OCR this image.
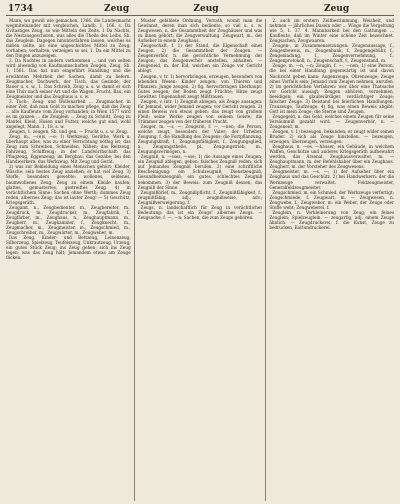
1734	Zeug	Zeug	Zeug

Mann, wo gewiß wie gemachen, 1366. die Landesmacht wegmiteinander mit vergleichen, Landb. 1, 166. s. Da Gvitastiges Zeug, so wie Mitteln des Zeits. 1 Da Nachts, die Nestausgeschoren, was alles die Theile des Leibs, Sb. das Zeuglein. Dagegen hinunterfahren lassen, welches es mißen sollte, als eine ungeschicktes Mittel zu Zeug; vorhaben; verhalten, verzeigen so sei, 1. Da ein Mittel zu den Dingen anzuzeigen.

2. Da Nachtes in andern vorkommen ... und von selten wird alwendig von Kaufmannschaften Zeugen, Zeug, Sb. 1, 1561. Das hat nun eingeführt Handlung und die erwähnten Mehrheit der Sachen, damit zu liefern. Zeugmacher, Dachwerk, der Tisch, das Gesinde, der Bauer u. s. w., 1. Das Schreib, Zeug u. s. w. damit er sich eine Thür nach seiner Art und die Wagen, Frucht, Bau, ein Zeugmeister und das Zeughaus u. s. w.

3. Tuch-, Zeug- und Wollenarbeit ... Zeugmacher, in einer Zeit, daß man Gold zu machen pflege, daß das Zeug ... alle Kaufleute vom Zeug vorhanden; in Wien 1577 wird es im ganzen ... die Zeuglein ... Zeug zu Schnitt, Zeug zu Mantel, Kleid, Hosen und Futter, welche gut sind, wohl angelegt, Mann. 1. 18, s. w.

Zeugen, 1. zeugen, Sb. und gen. — Frucht u. s. w. Zeug.

Zeug, m., —(e)s, —e; 1) Werkzeug, Geräthe, Werk u. überhaupt alles, was zu einer Verrichtung nöthig ist; das Zeug zum Schreiben, Schneiden, Nähen; das Reitzeug, Fahrzeug, Schiffzeug; in der Landwirthschaft: das Pflugzeug, Eggenzeug; im Bergbau: das Gezähe; bei den Handwerkern: das Werkzeug. Mit Zeug und Gerät.

2) was zur Bekleidung eines Menschen gehört; Kleider, Wäsche; sein bestes Zeug anziehen; er hat viel Zeug. 3) Stoffe, besonders gewebte: wollenes, seidenes, baumwollenes Zeug; Zeug zu einem Kleide kaufen; glattes, gemustertes, gestreiftes Zeug. 4) in verächtlichem Sinne: Sachen ohne Werth; dummes Zeug reden, albernes Zeug; das ist lauter Zeug! — 5) Geschütz, Kriegsgeräth.

Zeugamt, n., Zeugbedienter, m., Zeugbereiter, m., Zeugdruck, m., Zeugdrucker, m., Zeugfabrik, f., Zeugfärber, m., Zeughaus, n., Zeughauptmann, m., Zeugherr, m., Zeugkammer, f., Zeugknecht, m., Zeugmacher, m., Zeugmeister, m., Zeugschmied, m., Zeugschreiber, m., Zeugwärter, m., Zeugweber, m.

Das Zeug, Kinder- und Bettzeug, Leinenzeug, Silberzeug, Spielzeug, Teufelszeug, Unkrautzeug, Urzeug; ein gutes Stück Zeug; ins Zeug gehen; sich ins Zeug legen; was das Zeug hält; Jemandem etwas am Zeuge flicken.

Muster gebildete Ordnung, Vorrath, womit man die Gewinnst, deren man sich bediente, so viel u. s. w. Zeugwesen, n. die Gesammtheit der Zeughäuser und was zu ihnen gehört; die Zeugverwaltung. Zeugwart, m., der Aufseher in einem Zeughaus.

Zeugeschaft, f. 1) der Stand, die Eigenschaft eines Zeugen. 2) die Gesammtheit der Zeugen. — Zeugenverhör, n. die gerichtliche Vernehmung der Zeugen; das Zeugenverhör anstellen, abhalten. — Zeugeneid, m. der Eid, welchen ein Zeuge vor Gericht ablegt.

Zeugen, v. tr. 1) hervorbringen, erzeugen, besonders von lebenden Wesen: Kinder zeugen; von Thieren und Pflanzen: Junge zeugen. 2) fig. hervorbringen überhaupt: Gutes zeugen; der Boden zeugt Früchte; Hitze zeugt Gewitter. Ungenauheit zeugt Mißtrauen.

Zeugen, v. intr. 1) Zeugniß ablegen, als Zeuge aussagen: für Jemand, wider Jemand zeugen; vor Gericht zeugen. 2) einen Beweis von etwas geben: das zeugt von großem Fleiß; seine Werke zeugen von seinem Geiste; die Trümmer zeugen von der früheren Pracht.

Zeuger, m. —s, —; Zeugerin, f. —, —nen; die Person, welche zeugt, besonders der Vater; der Urheber. Zeugung, f. die Handlung des Zeugens; die Fortpflanzung. Zeugungskraft, f., Zeugungsfähigkeit, f., Zeugungsglied, n., Zeugungstheile, pl., Zeugungstrieb, m., Zeugungsvermögen, n.

Zeugniß, n. —sses, —sse; 1) die Aussage eines Zeugen; ein Zeugniß ablegen, geben; falsches Zeugniß reden; sich auf Jemandes Zeugniß berufen. 2) eine schriftliche Bescheinigung: ein Schulzeugniß, Dienstzeugniß, Gesundheitszeugniß; ein gutes, schlechtes Zeugniß bekommen. 3) der Beweis: zum Zeugniß dessen; das Zeugniß der Sinne.

Zeugnißbrief, m., Zeugnißpflicht, f., Zeugnißfähigkeit, f., zeugnißfähig, adj.; zeugnißweise, adv.; Zeugnißverweigerung, f.

Zeugs, n. landschaftlich für Zeug in verächtlicher Bedeutung: das ist ein Zeugs! albernes Zeugs. — Zeugsache, f. —, —n; Sachen, die zum Zeuge gehören.

2. auch im erstern Zeitbestimmung, Weisheit, und nehmen — jährliches Dasein oder ... Wiege die Vergeltung wie 5, 1. 37. 4. Mannbarkeit bei den Gattungen ... Kaufleute, daß im Winter eine schöne Zeit bezeichnet. Zeugsachen, Zeugwaaren.

Zeugen-, in Zusammensetzungen: Zeugenaussage, f., Zeugenbeweis, m., Zeugenbank, f., Zeugengebühr, f., Zeugenladung, f., Zeugenvernehmung, f., Zeugenprotokoll, n., Zeugenschaft, f., Zeugenstand, m.

Zeuge, m. —n, —n; Zeugin, f. —, —nen; 1) eine Person, die bei einer Handlung gegenwärtig ist und davon Nachricht geben kann: Augenzeuge, Ohrenzeuge; Zeuge eines Vorfalls sein; Jemand zum Zeugen nehmen, anrufen. 2) im gerichtlichen Verfahren: wer über eine Thatsache vor Gericht aussagt; Zeugen abhören, vernehmen, beeidigen; ein glaubwürdiger, verdächtiger Zeuge; falscher Zeuge. 3) Beistand bei feierlichen Handlungen: Trauzeuge, Taufzeuge. 4) fig. was einen Beweis abgibt: Gott ist mein Zeuge; die Sterne sind Zeugen.

Zeugegeld, n. das Geld, welches einem Zeugen für seine Versäumniß gezahlt wird. — Zeugenverhör, n. — Zeugeneid, m.

Zeugen, v. 1) bezeugen, bekunden; er zeugt wider seinen Bruder. 2) sich als Zeuge hinstellen. — bezeugen, erzeugen, überzeugen, verzeugen.

Zeughaus, n. —es, —häuser; ein Gebäude, in welchem Waffen, Geschütze und anderes Kriegsgeräth aufbewahrt werden, das Arsenal. Zeughausverwalter, m. — Zeughauptmann, m. der Befehlshaber über ein Zeughaus. Zeugherr, m. der Vorsteher des Zeugwesens.

Zeugmeister, m. —s, —; 1) der Aufseher über ein Zeughaus und das Geschütz. 2) bei Handwerkern: der die Werkzeuge verwaltet. Feldzeugmeister, Generalfeldzeugmeister.

Zeugschmied, m. ein Schmied, der Werkzeuge verfertigt; Zeugschmiede, f. Zeugwart, m. — Zeugwesen, n. Zeugwebe, f.; Zeugweber, m. ein Weber, der Zeuge oder Stoffe webt; Zeugweberei, f.

Zeuglein, n. Verkleinerung von Zeug; ein feines Zeuglein; Spielzeuglein. — zeugartig, adj. einem Zeuge ähnlich. — Zeugdruckerei, f. die Kunst, Zeuge zu bedrucken, Kattundruckerei.
